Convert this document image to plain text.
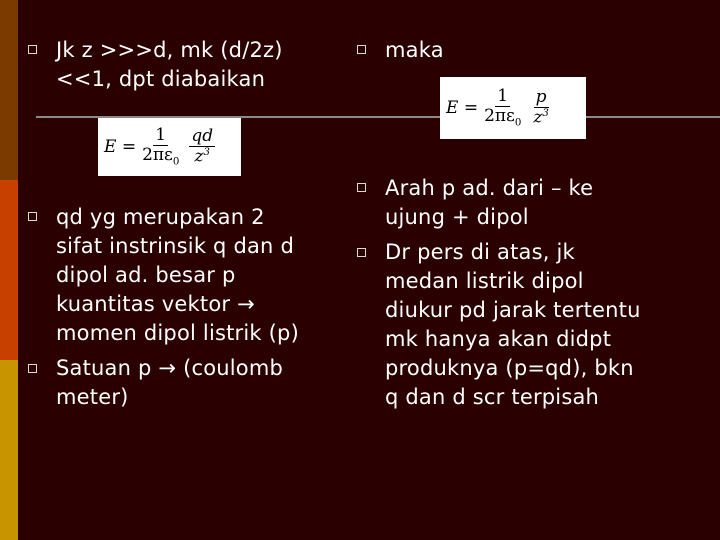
Jk z >>>d, mk (d/2z)
<<1, dpt diabaikan
$E = \frac{1}{2\pi\varepsilon_0} \frac{qd}{z^3}$
qd yg merupakan 2
sifat instrinsik q dan d
dipol ad. besar p
kuantitas vektor →
momen dipol listrik (p)
Satuan p → (coulomb
meter)
maka
$E = \frac{1}{2\pi\varepsilon_0} \frac{p}{z^3}$
Arah p ad. dari – ke
ujung + dipol
Dr pers di atas, jk
medan listrik dipol
diukur pd jarak tertentu
mk hanya akan didpt
produknya (p=qd), bkn
q dan d scr terpisah
